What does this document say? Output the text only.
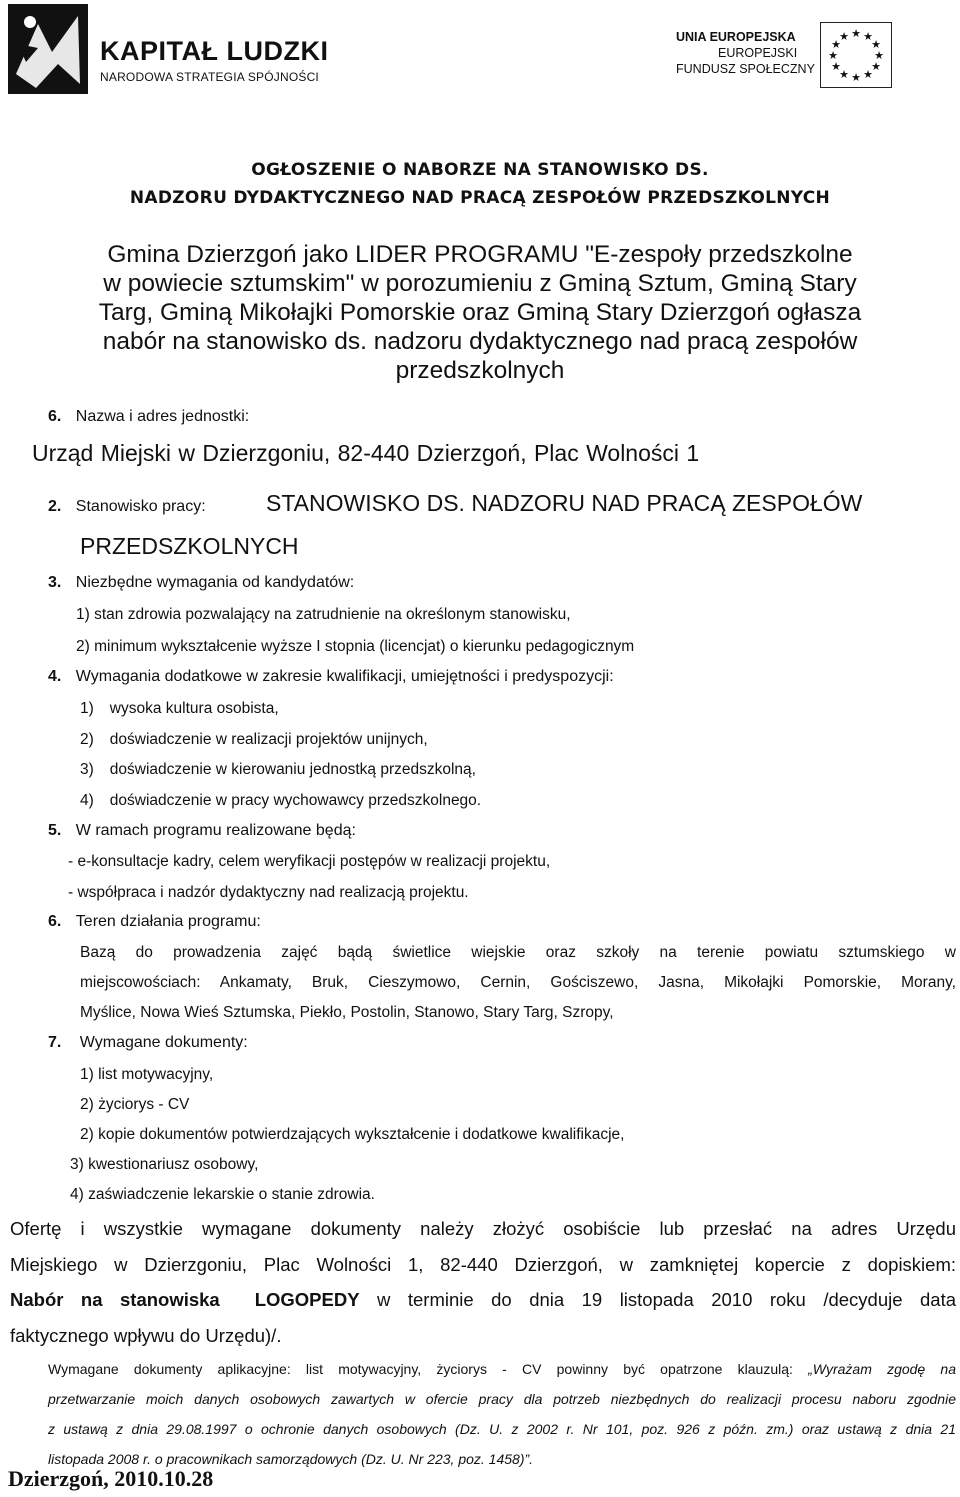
KAPITAŁ LUDZKI
NARODOWA STRATEGIA SPÓJNOŚCI
UNIA EUROPEJSKA
EUROPEJSKI
FUNDUSZ SPOŁECZNY
★ ★
★
★
★
★
★
★
★
★
★
★
OGŁOSZENIE O NABORZE NA STANOWISKO DS.
NADZORU DYDAKTYCZNEGO NAD PRACĄ ZESPOŁÓW PRZEDSZKOLNYCH
Gmina Dzierzgoń jako LIDER PROGRAMU "E-zespoły przedszkolne
w powiecie sztumskim" w porozumieniu z Gminą Sztum, Gminą Stary
Targ, Gminą Mikołajki Pomorskie oraz Gminą Stary Dzierzgoń ogłasza
nabór na stanowisko ds. nadzoru dydaktycznego nad pracą zespołów
przedszkolnych
6. Nazwa i adres jednostki:
Urząd Miejski w Dzierzgoniu, 82-440 Dzierzgoń, Plac Wolności 1
2. Stanowisko pracy:	STANOWISKO DS. NADZORU NAD PRACĄ ZESPOŁÓW
PRZEDSZKOLNYCH
3. Niezbędne wymagania od kandydatów:
1) stan zdrowia pozwalający na zatrudnienie na określonym stanowisku,
2) minimum wykształcenie wyższe I stopnia (licencjat) o kierunku pedagogicznym
4. Wymagania dodatkowe w zakresie kwalifikacji, umiejętności i predyspozycji:
1) wysoka kultura osobista,
2) doświadczenie w realizacji projektów unijnych,
3) doświadczenie w kierowaniu jednostką przedszkolną,
4) doświadczenie w pracy wychowawcy przedszkolnego.
5. W ramach programu realizowane będą:
- e-konsultacje kadry, celem weryfikacji postępów w realizacji projektu,
- współpraca i nadzór dydaktyczny nad realizacją projektu.
6. Teren działania programu:
Bazą do prowadzenia zajęć bądą świetlice wiejskie oraz szkoły na terenie powiatu sztumskiego w
miejscowościach: Ankamaty, Bruk, Cieszymowo, Cernin, Gościszewo, Jasna, Mikołajki Pomorskie, Morany,
Myślice, Nowa Wieś Sztumska, Piekło, Postolin, Stanowo, Stary Targ, Szropy,
7. Wymagane dokumenty:
1) list motywacyjny,
2) życiorys - CV
2) kopie dokumentów potwierdzających wykształcenie i dodatkowe kwalifikacje,
3) kwestionariusz osobowy,
4) zaświadczenie lekarskie o stanie zdrowia.
Ofertę i wszystkie wymagane dokumenty należy złożyć osobiście lub przesłać na adres Urzędu
Miejskiego w Dzierzgoniu, Plac Wolności 1, 82-440 Dzierzgoń, w zamkniętej kopercie z dopiskiem:
Nabór na stanowiska LOGOPEDY w terminie do dnia 19 listopada 2010 roku /decyduje data
faktycznego wpływu do Urzędu)/.
Wymagane dokumenty aplikacyjne: list motywacyjny, życiorys - CV powinny być opatrzone klauzulą: „Wyrażam zgodę na
przetwarzanie moich danych osobowych zawartych w ofercie pracy dla potrzeb niezbędnych do realizacji procesu naboru zgodnie
z ustawą z dnia 29.08.1997 o ochronie danych osobowych (Dz. U. z 2002 r. Nr 101, poz. 926 z późn. zm.) oraz ustawą z dnia 21
listopada 2008 r. o pracownikach samorządowych (Dz. U. Nr 223, poz. 1458)”.
Dzierzgoń, 2010.10.28
